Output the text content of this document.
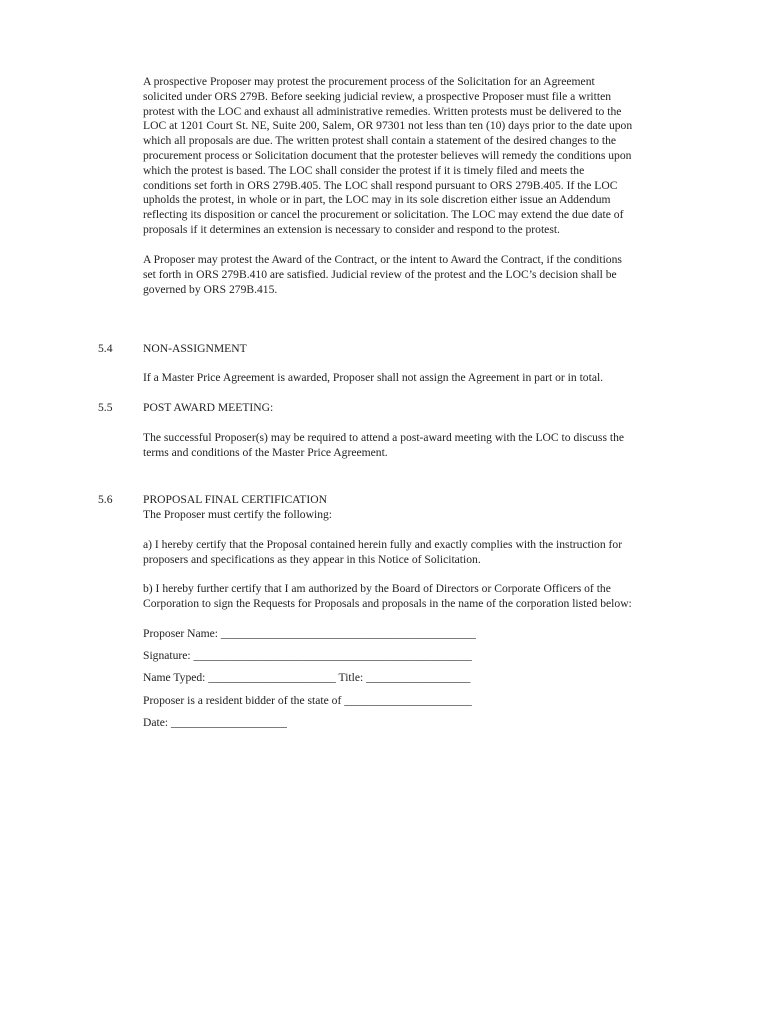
A prospective Proposer may protest the procurement process of the Solicitation for an Agreement
solicited under ORS 279B. Before seeking judicial review, a prospective Proposer must file a written
protest with the LOC and exhaust all administrative remedies. Written protests must be delivered to the
LOC at 1201 Court St. NE, Suite 200, Salem, OR 97301 not less than ten (10) days prior to the date upon
which all proposals are due. The written protest shall contain a statement of the desired changes to the
procurement process or Solicitation document that the protester believes will remedy the conditions upon
which the protest is based. The LOC shall consider the protest if it is timely filed and meets the
conditions set forth in ORS 279B.405. The LOC shall respond pursuant to ORS 279B.405. If the LOC
upholds the protest, in whole or in part, the LOC may in its sole discretion either issue an Addendum
reflecting its disposition or cancel the procurement or solicitation. The LOC may extend the due date of
proposals if it determines an extension is necessary to consider and respond to the protest.
A Proposer may protest the Award of the Contract, or the intent to Award the Contract, if the conditions
set forth in ORS 279B.410 are satisfied. Judicial review of the protest and the LOC’s decision shall be
governed by ORS 279B.415.
5.4	NON-ASSIGNMENT
If a Master Price Agreement is awarded, Proposer shall not assign the Agreement in part or in total.
5.5	POST AWARD MEETING:
The successful Proposer(s) may be required to attend a post-award meeting with the LOC to discuss the
terms and conditions of the Master Price Agreement.
5.6	PROPOSAL FINAL CERTIFICATION
The Proposer must certify the following:
a) I hereby certify that the Proposal contained herein fully and exactly complies with the instruction for
proposers and specifications as they appear in this Notice of Solicitation.
b) I hereby further certify that I am authorized by the Board of Directors or Corporate Officers of the
Corporation to sign the Requests for Proposals and proposals in the name of the corporation listed below:
Proposer Name: ____________________________________________
Signature: ________________________________________________
Name Typed: ______________________ Title: __________________
Proposer is a resident bidder of the state of ______________________
Date: ____________________
